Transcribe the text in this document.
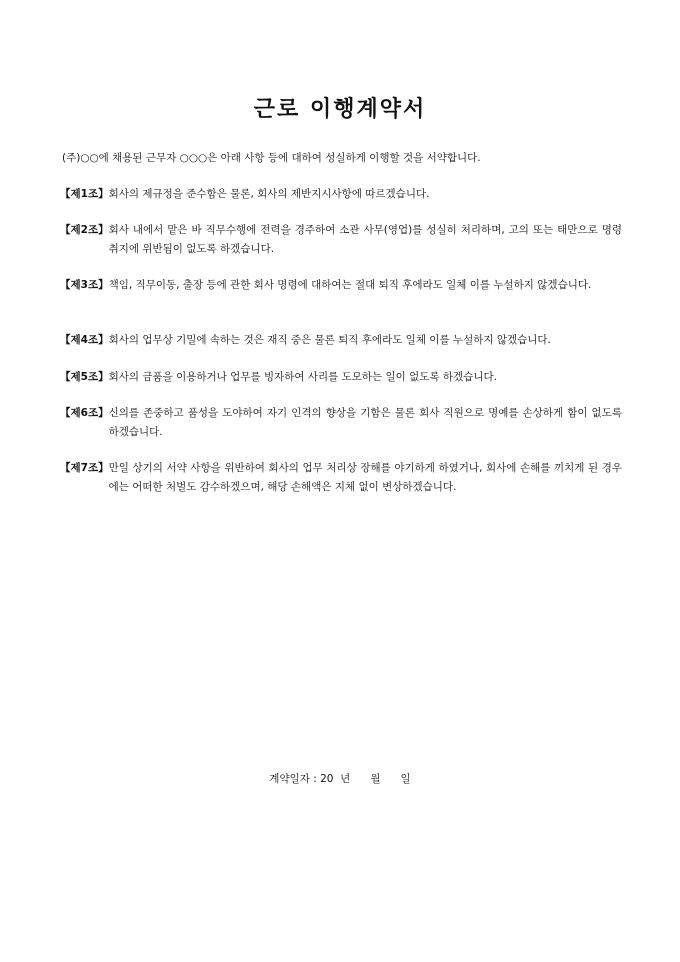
근로 이행계약서
(주)○○에 채용된 근무자 ○○○은 아래 사항 등에 대하여 성실하게 이행할 것을 서약합니다.
【제1조】 회사의 제규정을 준수함은 물론, 회사의 제반지시사항에 따르겠습니다.
【제2조】 회사 내에서 맡은 바 직무수행에 전력을 경주하여 소관 사무(영업)를 성실히 처리하며, 고의 또는 태만으로 명령취지에 위반됨이 없도록 하겠습니다.
【제3조】 책임, 직무이동, 출장 등에 관한 회사 명령에 대하여는 절대 퇴직 후에라도 일체 이를 누설하지 않겠습니다.
【제4조】 회사의 업무상 기밀에 속하는 것은 재직 중은 물론 퇴직 후에라도 일체 이를 누설하지 않겠습니다.
【제5조】 회사의 금품을 이용하거나 업무를 빙자하여 사리를 도모하는 일이 없도록 하겠습니다.
【제6조】 신의를 존중하고 품성을 도야하여 자기 인격의 향상을 기함은 물론 회사 직원으로 명예를 손상하게 함이 없도록 하겠습니다.
【제7조】 만일 상기의 서약 사항을 위반하여 회사의 업무 처리상 장해를 야기하게 하였거나, 회사에 손해를 끼치게 된 경우에는 어떠한 처벌도 감수하겠으며, 해당 손해액은 지체 없이 변상하겠습니다.
계약일자 : 20 년 월 일
